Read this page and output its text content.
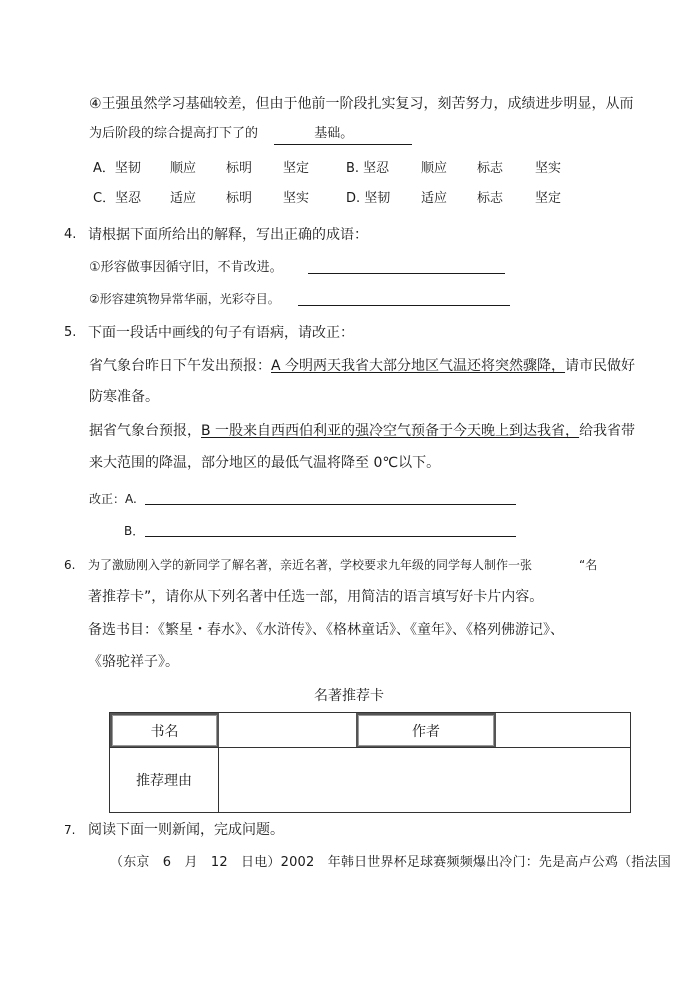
④王强虽然学习基础较差，但由于他前一阶段扎实复习，刻苦努力，成绩进步明显，从而
为后阶段的综合提高打下了的	基础。
A．坚韧 顺应 标明 坚定	B. 坚忍 顺应 标志 坚实
C．坚忍 适应 标明 坚实	D. 坚韧 适应 标志 坚定
4. 请根据下面所给出的解释，写出正确的成语：
①形容做事因循守旧，不肯改进。
②形容建筑物异常华丽，光彩夺目。
5. 下面一段话中画线的句子有语病，请改正：
省气象台昨日下午发出预报：A 今明两天我省大部分地区气温还将突然骤降，请市民做好
防寒准备。
据省气象台预报，B 一股来自西西伯利亚的强冷空气预备于今天晚上到达我省，给我省带
来大范围的降温，部分地区的最低气温将降至 0℃以下。
改正：A.
B．
6. 为了激励刚入学的新同学了解名著，亲近名著，学校要求九年级的同学每人制作一张	“名
著推荐卡”，请你从下列名著中任选一部，用简洁的语言填写好卡片内容。
备选书目：《繁星・春水》、《水浒传》、《格林童话》、《童年》、《格列佛游记》、
《骆驼祥子》。
名著推荐卡
书名	作者
推荐理由
7. 阅读下面一则新闻，完成问题。
（东京　6　月　12　日电）2002　年韩日世界杯足球赛频频爆出冷门：先是高卢公鸡（指法国
